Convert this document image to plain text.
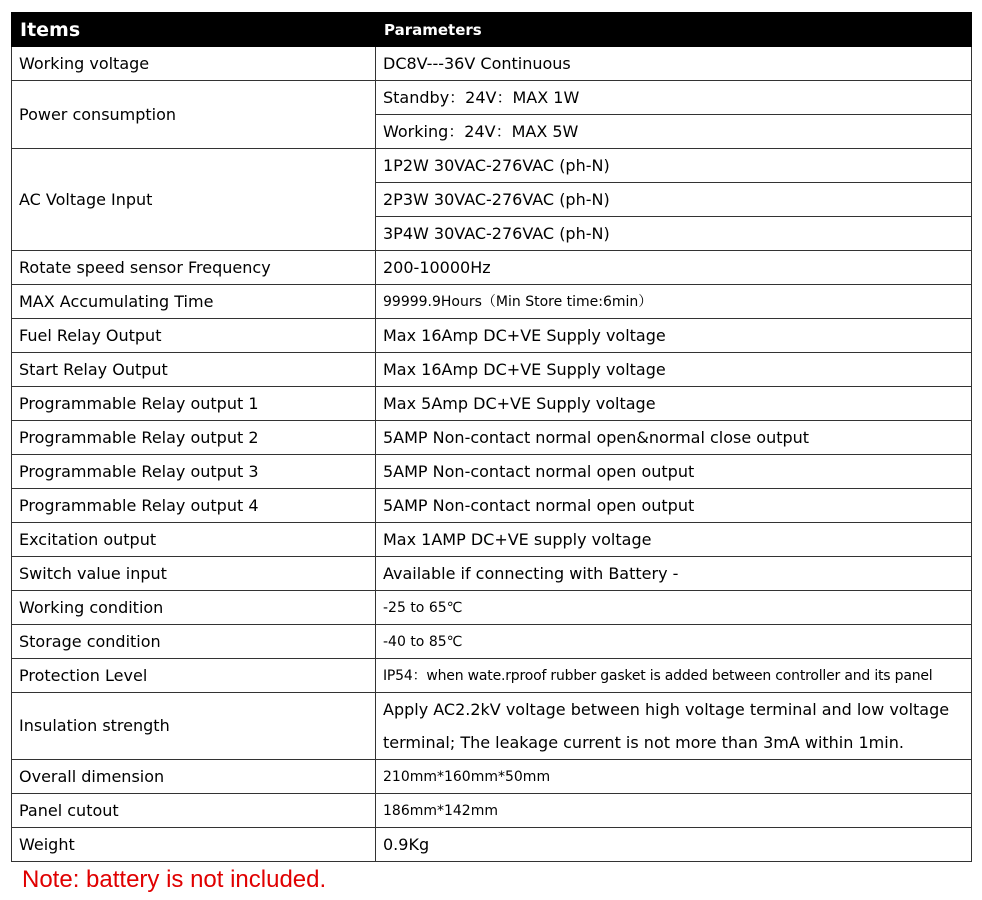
Items	Parameters
Working voltage	DC8V---36V Continuous
Power consumption	Standby：24V：MAX 1W
	Working：24V：MAX 5W
AC Voltage Input	1P2W 30VAC-276VAC (ph-N)
	2P3W 30VAC-276VAC (ph-N)
	3P4W 30VAC-276VAC (ph-N)
Rotate speed sensor Frequency	200-10000Hz
MAX Accumulating Time	99999.9Hours（Min Store time:6min）
Fuel Relay Output	Max 16Amp DC+VE Supply voltage
Start Relay Output	Max 16Amp DC+VE Supply voltage
Programmable Relay output 1	Max 5Amp DC+VE Supply voltage
Programmable Relay output 2	5AMP Non-contact normal open&normal close output
Programmable Relay output 3	5AMP Non-contact normal open output
Programmable Relay output 4	5AMP Non-contact normal open output
Excitation output	Max 1AMP DC+VE supply voltage
Switch value input	Available if connecting with Battery -
Working condition	-25 to 65℃
Storage condition	-40 to 85℃
Protection Level	IP54：when wate.rproof rubber gasket is added between controller and its panel
Insulation strength	Apply AC2.2kV voltage between high voltage terminal and low voltage terminal; The leakage current is not more than 3mA within 1min.
Overall dimension	210mm*160mm*50mm
Panel cutout	186mm*142mm
Weight	0.9Kg
Note: battery is not included.
